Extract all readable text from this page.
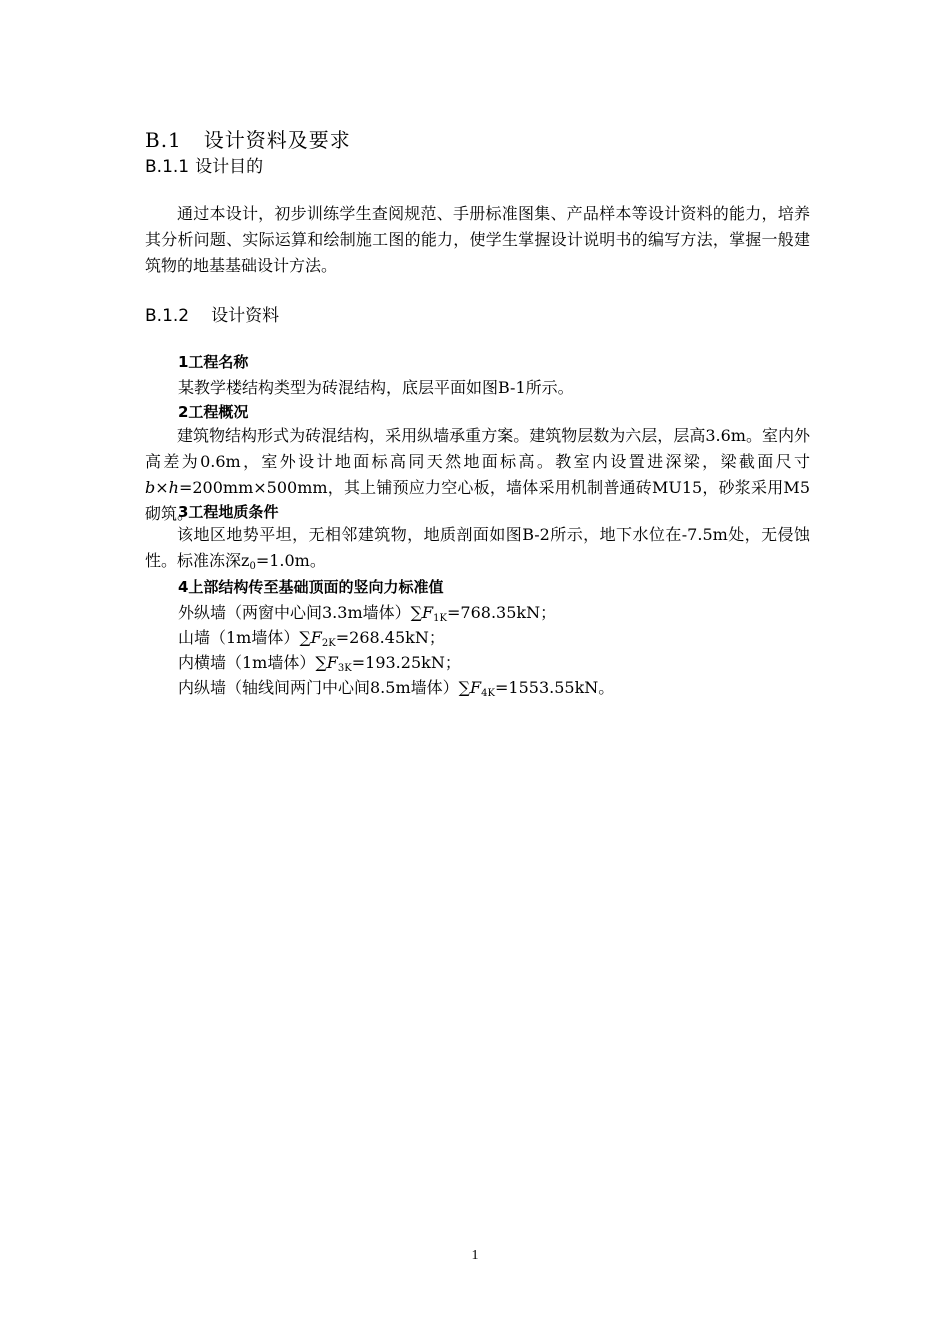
B.1 设计资料及要求
B.1.1 设计目的
通过本设计，初步训练学生查阅规范、手册标准图集、产品样本等设计资料的能力，培养其分析问题、实际运算和绘制施工图的能力，使学生掌握设计说明书的编写方法，掌握一般建筑物的地基基础设计方法。
B.1.2 设计资料
1工程名称
某教学楼结构类型为砖混结构，底层平面如图B-1所示。
2工程概况
建筑物结构形式为砖混结构，采用纵墙承重方案。建筑物层数为六层，层高3.6m。室内外高差为0.6m，室外设计地面标高同天然地面标高。教室内设置进深梁，梁截面尺寸b×h=200mm×500mm，其上铺预应力空心板，墙体采用机制普通砖MU15，砂浆采用M5砌筑。
3工程地质条件
该地区地势平坦，无相邻建筑物，地质剖面如图B-2所示，地下水位在-7.5m处，无侵蚀性。标准冻深$z_0=1.0m$。
4上部结构传至基础顶面的竖向力标准值
外纵墙（两窗中心间3.3m墙体）$\sum F_{1K}=768.35kN$；
山墙（1m墙体）$\sum F_{2K}=268.45kN$；
内横墙（1m墙体）$\sum F_{3K}=193.25kN$；
内纵墙（轴线间两门中心间8.5m墙体）$\sum F_{4K}=1553.55kN$。
1
